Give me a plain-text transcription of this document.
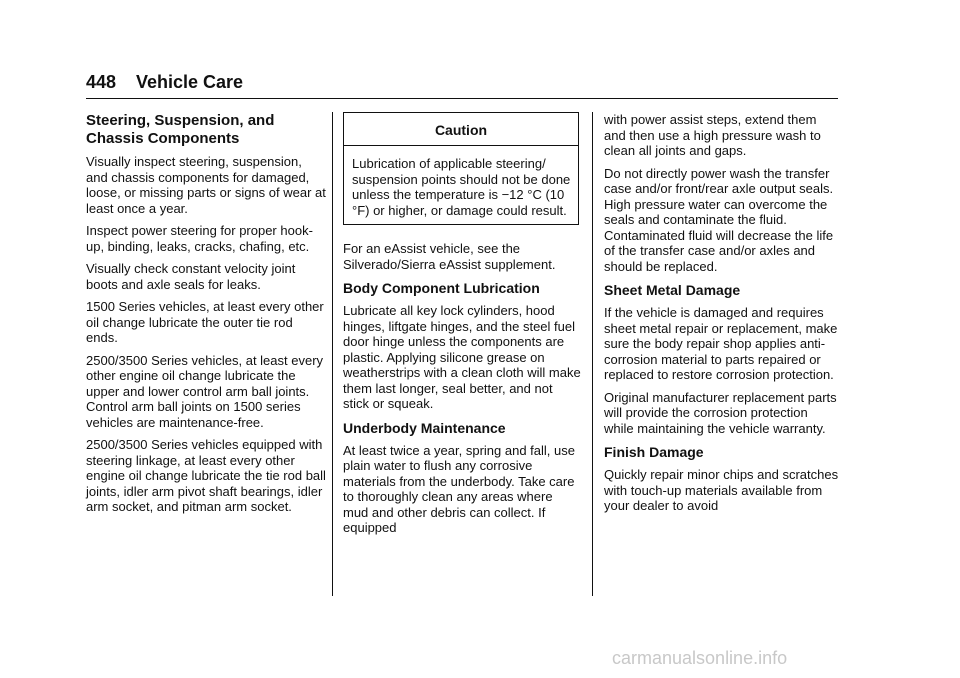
448 Vehicle Care
Steering, Suspension, and Chassis Components

Visually inspect steering, suspension, and chassis components for damaged, loose, or missing parts or signs of wear at least once a year.

Inspect power steering for proper hook-up, binding, leaks, cracks, chafing, etc.

Visually check constant velocity joint boots and axle seals for leaks.

1500 Series vehicles, at least every other oil change lubricate the outer tie rod ends.

2500/3500 Series vehicles, at least every other engine oil change lubricate the upper and lower control arm ball joints. Control arm ball joints on 1500 series vehicles are maintenance-free.

2500/3500 Series vehicles equipped with steering linkage, at least every other engine oil change lubricate the tie rod ball joints, idler arm pivot shaft bearings, idler arm socket, and pitman arm socket.

Caution
Lubrication of applicable steering/ suspension points should not be done unless the temperature is −12 °C (10 °F) or higher, or damage could result.

For an eAssist vehicle, see the Silverado/Sierra eAssist supplement.

Body Component Lubrication

Lubricate all key lock cylinders, hood hinges, liftgate hinges, and the steel fuel door hinge unless the components are plastic. Applying silicone grease on weatherstrips with a clean cloth will make them last longer, seal better, and not stick or squeak.

Underbody Maintenance

At least twice a year, spring and fall, use plain water to flush any corrosive materials from the underbody. Take care to thoroughly clean any areas where mud and other debris can collect. If equipped

with power assist steps, extend them and then use a high pressure wash to clean all joints and gaps.

Do not directly power wash the transfer case and/or front/rear axle output seals. High pressure water can overcome the seals and contaminate the fluid. Contaminated fluid will decrease the life of the transfer case and/or axles and should be replaced.

Sheet Metal Damage

If the vehicle is damaged and requires sheet metal repair or replacement, make sure the body repair shop applies anti-corrosion material to parts repaired or replaced to restore corrosion protection.

Original manufacturer replacement parts will provide the corrosion protection while maintaining the vehicle warranty.

Finish Damage

Quickly repair minor chips and scratches with touch-up materials available from your dealer to avoid

carmanualsonline.info
